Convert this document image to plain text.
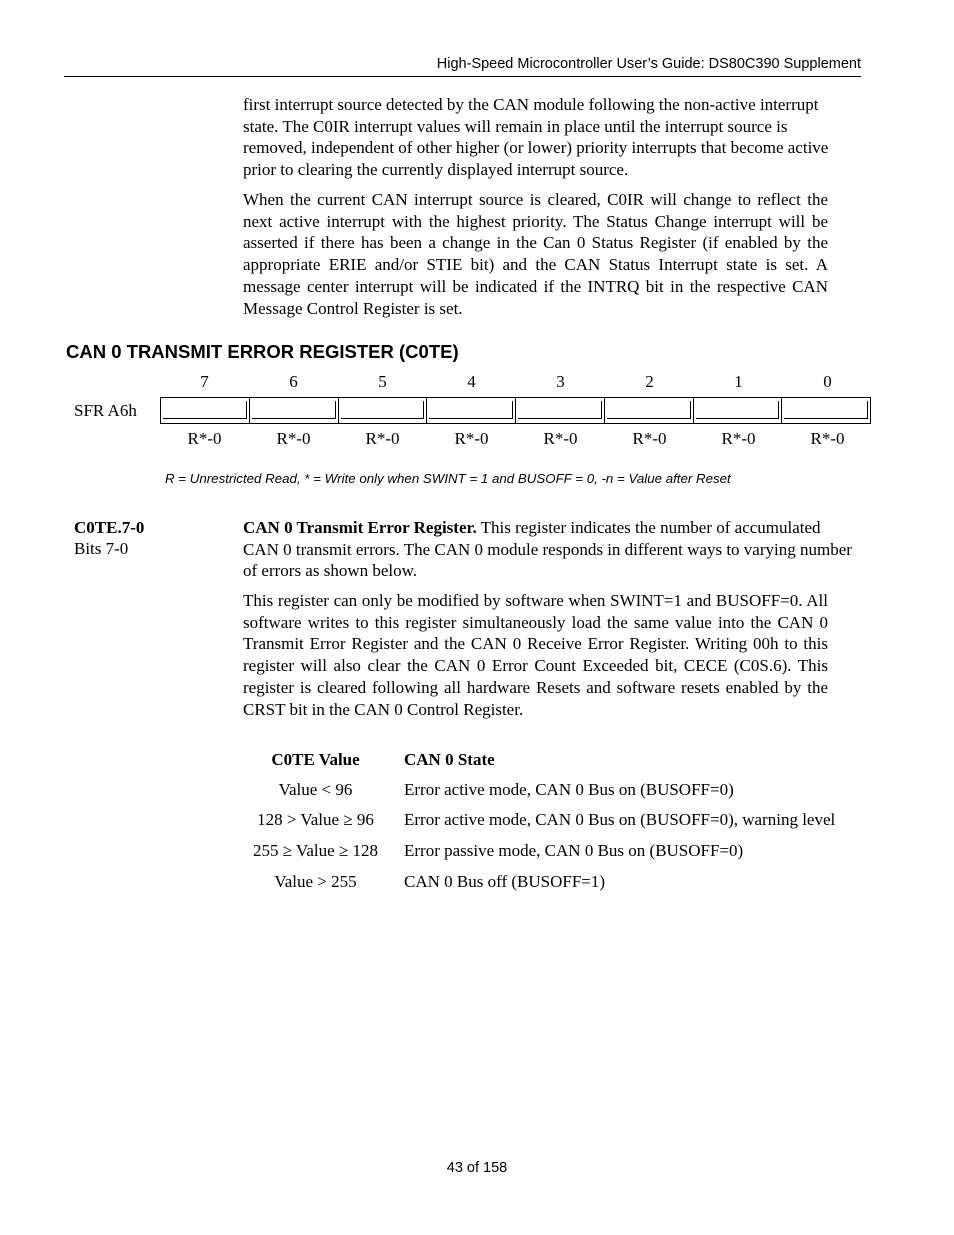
High-Speed Microcontroller User’s Guide: DS80C390 Supplement

first interrupt source detected by the CAN module following the non-active interrupt state. The C0IR interrupt values will remain in place until the interrupt source is removed, independent of other higher (or lower) priority interrupts that become active prior to clearing the currently displayed interrupt source.

When the current CAN interrupt source is cleared, C0IR will change to reflect the next active interrupt with the highest priority. The Status Change interrupt will be asserted if there has been a change in the Can 0 Status Register (if enabled by the appropriate ERIE and/or STIE bit) and the CAN Status Interrupt state is set. A message center interrupt will be indicated if the INTRQ bit in the respective CAN Message Control Register is set.

CAN 0 TRANSMIT ERROR REGISTER (C0TE)
7	6	5	4	3	2	1	0
SFR A6h
R*-0	R*-0	R*-0	R*-0	R*-0	R*-0	R*-0	R*-0

R = Unrestricted Read, * = Write only when SWINT = 1 and BUSOFF = 0, -n = Value after Reset

C0TE.7-0
Bits 7-0

CAN 0 Transmit Error Register. This register indicates the number of accumulated CAN 0 transmit errors. The CAN 0 module responds in different ways to varying number of errors as shown below.

This register can only be modified by software when SWINT=1 and BUSOFF=0. All software writes to this register simultaneously load the same value into the CAN 0 Transmit Error Register and the CAN 0 Receive Error Register. Writing 00h to this register will also clear the CAN 0 Error Count Exceeded bit, CECE (C0S.6). This register is cleared following all hardware Resets and software resets enabled by the CRST bit in the CAN 0 Control Register.

C0TE Value	CAN 0 State
Value < 96	Error active mode, CAN 0 Bus on (BUSOFF=0)
128 > Value ≥ 96	Error active mode, CAN 0 Bus on (BUSOFF=0), warning level
255 ≥ Value ≥ 128	Error passive mode, CAN 0 Bus on (BUSOFF=0)
Value > 255	CAN 0 Bus off (BUSOFF=1)
43 of 158
